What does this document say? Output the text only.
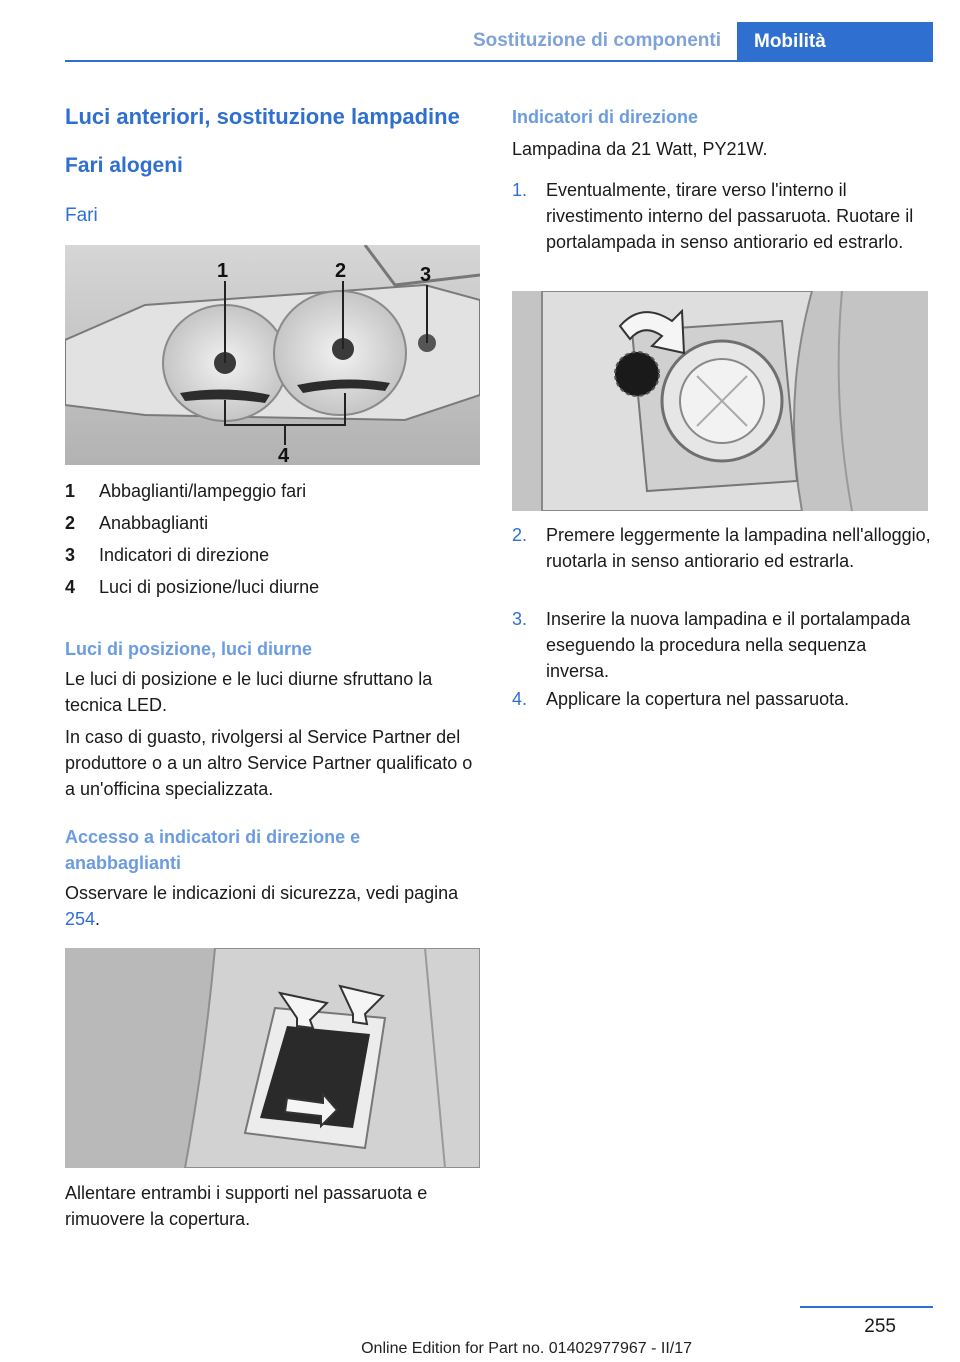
Sostituzione di componenti	Mobilità
Luci anteriori, sostituzione lampadine
Fari alogeni
Fari
1	2	3
4
1 Abbaglianti/lampeggio fari
2 Anabbaglianti
3 Indicatori di direzione
4 Luci di posizione/luci diurne
Luci di posizione, luci diurne
Le luci di posizione e le luci diurne sfruttano la tecnica LED.
In caso di guasto, rivolgersi al Service Partner del produttore o a un altro Service Partner qualificato o a un'officina specializzata.
Accesso a indicatori di direzione e anabbaglianti
Osservare le indicazioni di sicurezza, vedi pagina 254.
Allentare entrambi i supporti nel passaruota e rimuovere la copertura.
Indicatori di direzione
Lampadina da 21 Watt, PY21W.
1. Eventualmente, tirare verso l'interno il rivestimento interno del passaruota. Ruotare il portalampada in senso antiorario ed estrarlo.
2. Premere leggermente la lampadina nell'alloggio, ruotarla in senso antiorario ed estrarla.
3. Inserire la nuova lampadina e il portalampada eseguendo la procedura nella sequenza inversa.
4. Applicare la copertura nel passaruota.
255
Online Edition for Part no. 01402977967 - II/17
